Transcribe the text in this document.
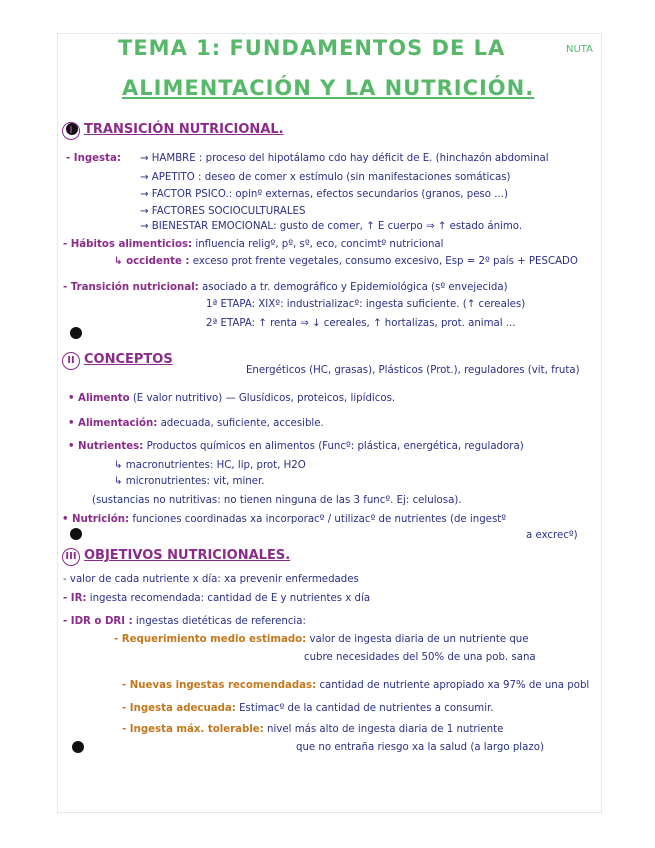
TEMA 1: FUNDAMENTOS DE LA
ALIMENTACIÓN Y LA NUTRICIÓN.
NUTA
I TRANSICIÓN NUTRICIONAL.
- Ingesta: → HAMBRE : proceso del hipotálamo cdo hay déficit de E. (hinchazón abdominal
→ APETITO : deseo de comer x estímulo (sin manifestaciones somáticas)
→ FACTOR PSICO.: opinº externas, efectos secundarios (granos, peso ...)
→ FACTORES SOCIOCULTURALES
→ BIENESTAR EMOCIONAL: gusto de comer, ↑ E cuerpo ⇒ ↑ estado ánimo.
- Hábitos alimenticios: influencia religº, pº, sº, eco, concimtº nutricional
↳ occidente : exceso prot frente vegetales, consumo excesivo, Esp = 2º país + PESCADO
- Transición nutricional: asociado a tr. demográfico y Epidemiológica (sº envejecida)
1ª ETAPA: XIXº: industrializacº: ingesta suficiente. (↑ cereales)
2ª ETAPA: ↑ renta ⇒ ↓ cereales, ↑ hortalizas, prot. animal ...
II CONCEPTOS
Energéticos (HC, grasas), Plásticos (Prot.), reguladores (vit, fruta)
• Alimento (E valor nutritivo) — Glusídicos, proteicos, lipídicos.
• Alimentación: adecuada, suficiente, accesible.
• Nutrientes: Productos químicos en alimentos (Funcº: plástica, energética, reguladora)
↳ macronutrientes: HC, lip, prot, H2O
↳ micronutrientes: vit, miner.
(sustancias no nutritivas: no tienen ninguna de las 3 funcº. Ej: celulosa).
• Nutrición: funciones coordinadas xa incorporacº / utilizacº de nutrientes (de ingestº
a excrecº)
III OBJETIVOS NUTRICIONALES.
- valor de cada nutriente x día: xa prevenir enfermedades
- IR: ingesta recomendada: cantidad de E y nutrientes x día
- IDR o DRI : ingestas dietéticas de referencia:
- Requerimiento medio estimado: valor de ingesta diaria de un nutriente que
cubre necesidades del 50% de una pob. sana
- Nuevas ingestas recomendadas: cantidad de nutriente apropiado xa 97% de una pobl
- Ingesta adecuada: Estimacº de la cantidad de nutrientes a consumir.
- Ingesta máx. tolerable: nivel más alto de ingesta diaria de 1 nutriente
que no entraña riesgo xa la salud (a largo plazo)
